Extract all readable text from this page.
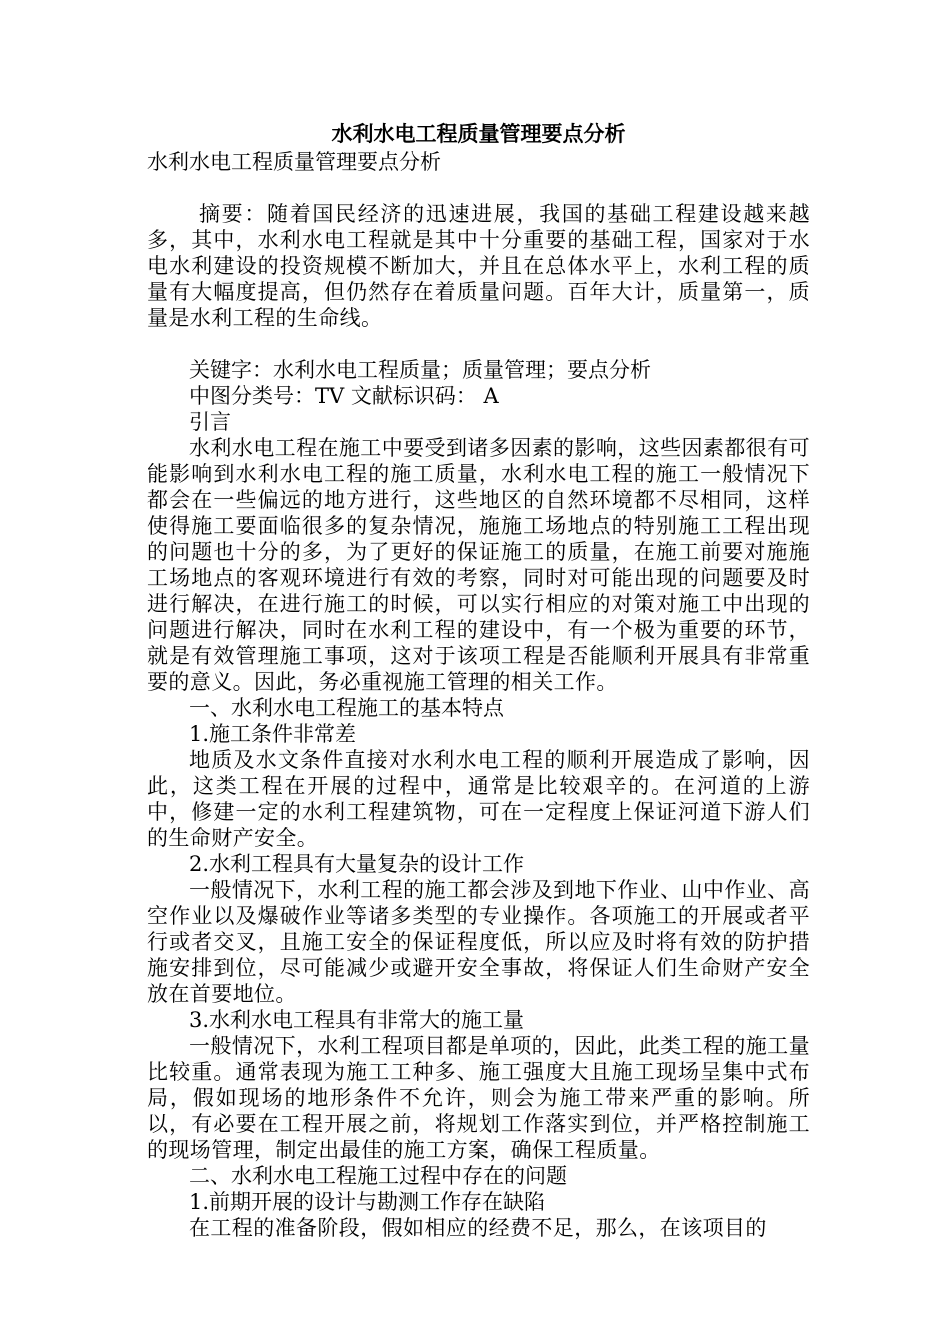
水利水电工程质量管理要点分析

水利水电工程质量管理要点分析

摘要：随着国民经济的迅速进展，我国的基础工程建设越来越多，其中，水利水电工程就是其中十分重要的基础工程，国家对于水电水利建设的投资规模不断加大，并且在总体水平上，水利工程的质量有大幅度提高，但仍然存在着质量问题。百年大计，质量第一，质量是水利工程的生命线。

关键字：水利水电工程质量；质量管理；要点分析

中图分类号：TV 文献标识码： A

引言

水利水电工程在施工中要受到诸多因素的影响，这些因素都很有可能影响到水利水电工程的施工质量，水利水电工程的施工一般情况下都会在一些偏远的地方进行，这些地区的自然环境都不尽相同，这样使得施工要面临很多的复杂情况，施施工场地点的特别施工工程出现的问题也十分的多，为了更好的保证施工的质量，在施工前要对施施工场地点的客观环境进行有效的考察，同时对可能出现的问题要及时进行解决，在进行施工的时候，可以实行相应的对策对施工中出现的问题进行解决，同时在水利工程的建设中，有一个极为重要的环节，就是有效管理施工事项，这对于该项工程是否能顺利开展具有非常重要的意义。因此，务必重视施工管理的相关工作。

一、水利水电工程施工的基本特点

1.施工条件非常差

地质及水文条件直接对水利水电工程的顺利开展造成了影响，因此，这类工程在开展的过程中，通常是比较艰辛的。在河道的上游中，修建一定的水利工程建筑物，可在一定程度上保证河道下游人们的生命财产安全。

2.水利工程具有大量复杂的设计工作

一般情况下，水利工程的施工都会涉及到地下作业、山中作业、高空作业以及爆破作业等诸多类型的专业操作。各项施工的开展或者平行或者交叉，且施工安全的保证程度低，所以应及时将有效的防护措施安排到位，尽可能减少或避开安全事故，将保证人们生命财产安全放在首要地位。

3.水利水电工程具有非常大的施工量

一般情况下，水利工程项目都是单项的，因此，此类工程的施工量比较重。通常表现为施工工种多、施工强度大且施工现场呈集中式布局，假如现场的地形条件不允许，则会为施工带来严重的影响。所以，有必要在工程开展之前，将规划工作落实到位，并严格控制施工的现场管理，制定出最佳的施工方案，确保工程质量。

二、水利水电工程施工过程中存在的问题

1.前期开展的设计与勘测工作存在缺陷

在工程的准备阶段，假如相应的经费不足，那么，在该项目的
